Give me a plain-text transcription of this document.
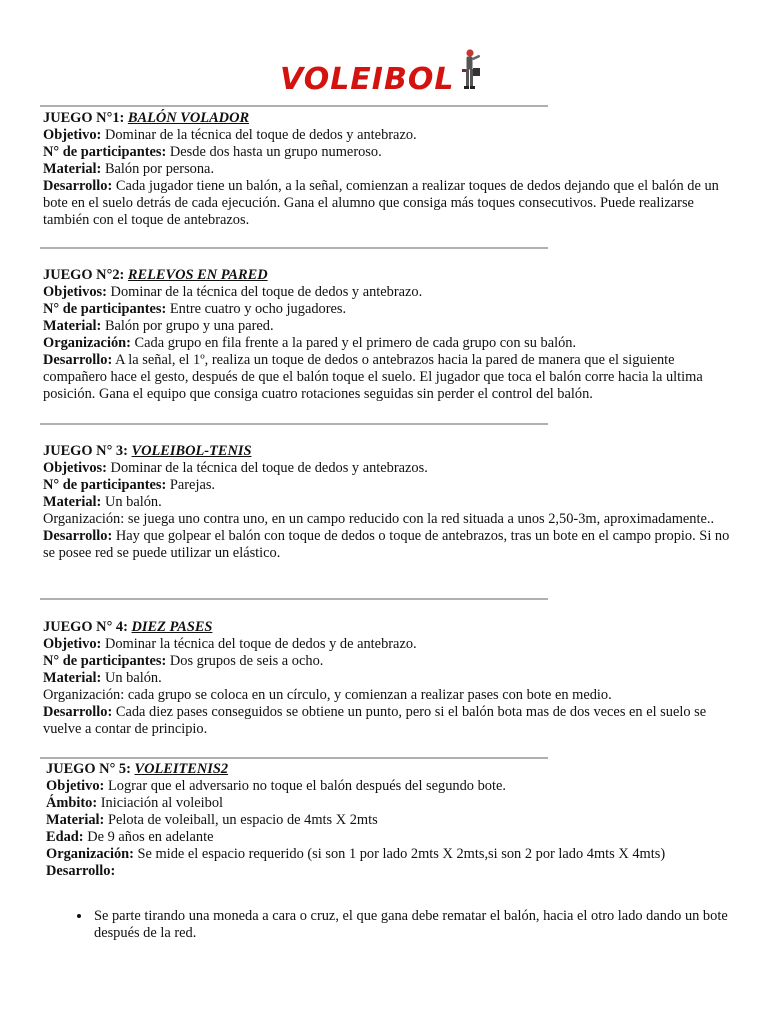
VOLEIBOL
JUEGO N°1: BALÓN VOLADOR

Objetivo: Dominar de la técnica del toque de dedos y antebrazo.

N° de participantes: Desde dos hasta un grupo numeroso.

Material: Balón por persona.

Desarrollo: Cada jugador tiene un balón, a la señal, comienzan a realizar toques de dedos dejando que el balón de un bote en el suelo detrás de cada ejecución. Gana el alumno que consiga más toques consecutivos. Puede realizarse también con el toque de antebrazos.

JUEGO N°2: RELEVOS EN PARED

Objetivos: Dominar de la técnica del toque de dedos y antebrazo.

N° de participantes: Entre cuatro y ocho jugadores.

Material: Balón por grupo y una pared.

Organización: Cada grupo en fila frente a la pared y el primero de cada grupo con su balón.

Desarrollo: A la señal, el 1º, realiza un toque de dedos o antebrazos hacia la pared de manera que el siguiente compañero hace el gesto, después de que el balón toque el suelo. El jugador que toca el balón corre hacia la ultima posición. Gana el equipo que consiga cuatro rotaciones seguidas sin perder el control del balón.

JUEGO N° 3: VOLEIBOL-TENIS

Objetivos: Dominar de la técnica del toque de dedos y antebrazos.

N° de participantes: Parejas.

Material: Un balón.

Organización: se juega uno contra uno, en un campo reducido con la red situada a unos 2,50-3m, aproximadamente..

Desarrollo: Hay que golpear el balón con toque de dedos o toque de antebrazos, tras un bote en el campo propio. Si no se posee red se puede utilizar un elástico.

JUEGO N° 4: DIEZ PASES

Objetivo: Dominar la técnica del toque de dedos y de antebrazo.

N° de participantes: Dos grupos de seis a ocho.

Material: Un balón.

Organización: cada grupo se coloca en un círculo, y comienzan a realizar pases con bote en medio.

Desarrollo: Cada diez pases conseguidos se obtiene un punto, pero si el balón bota mas de dos veces en el suelo se vuelve a contar de principio.

JUEGO N° 5: VOLEITENIS2

Objetivo: Lograr que el adversario no toque el balón después del segundo bote.

Ámbito: Iniciación al voleibol

Material: Pelota de voleiball, un espacio de 4mts X 2mts

Edad: De 9 años en adelante

Organización: Se mide el espacio requerido (si son 1 por lado 2mts X 2mts,si son 2 por lado 4mts X 4mts)

Desarrollo:

• Se parte tirando una moneda a cara o cruz, el que gana debe rematar el balón, hacia el otro lado dando un bote después de la red.
